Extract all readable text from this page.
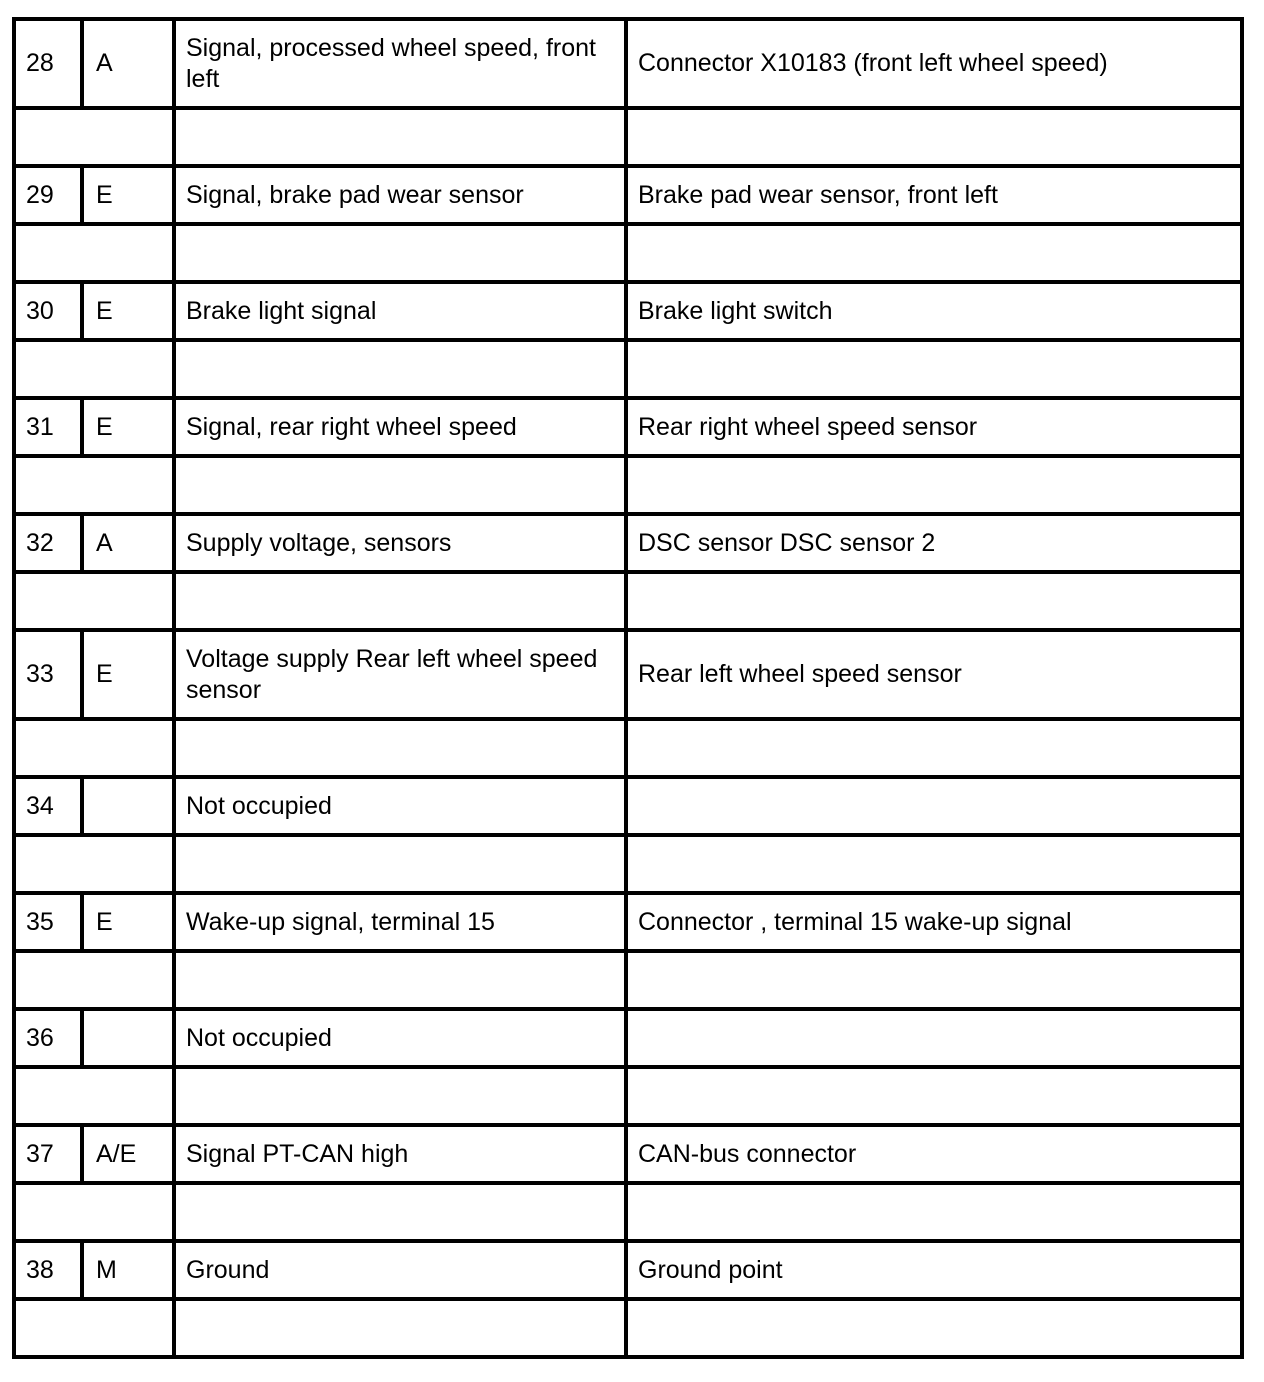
28	A	Signal, processed wheel speed, front left	Connector X10183 (front left wheel speed)

29	E	Signal, brake pad wear sensor	Brake pad wear sensor, front left

30	E	Brake light signal	Brake light switch

31	E	Signal, rear right wheel speed	Rear right wheel speed sensor

32	A	Supply voltage, sensors	DSC sensor DSC sensor 2

33	E	Voltage supply Rear left wheel speed sensor	Rear left wheel speed sensor

34		Not occupied	

35	E	Wake-up signal, terminal 15	Connector , terminal 15 wake-up signal

36		Not occupied	

37	A/E	Signal PT-CAN high	CAN-bus connector

38	M	Ground	Ground point
